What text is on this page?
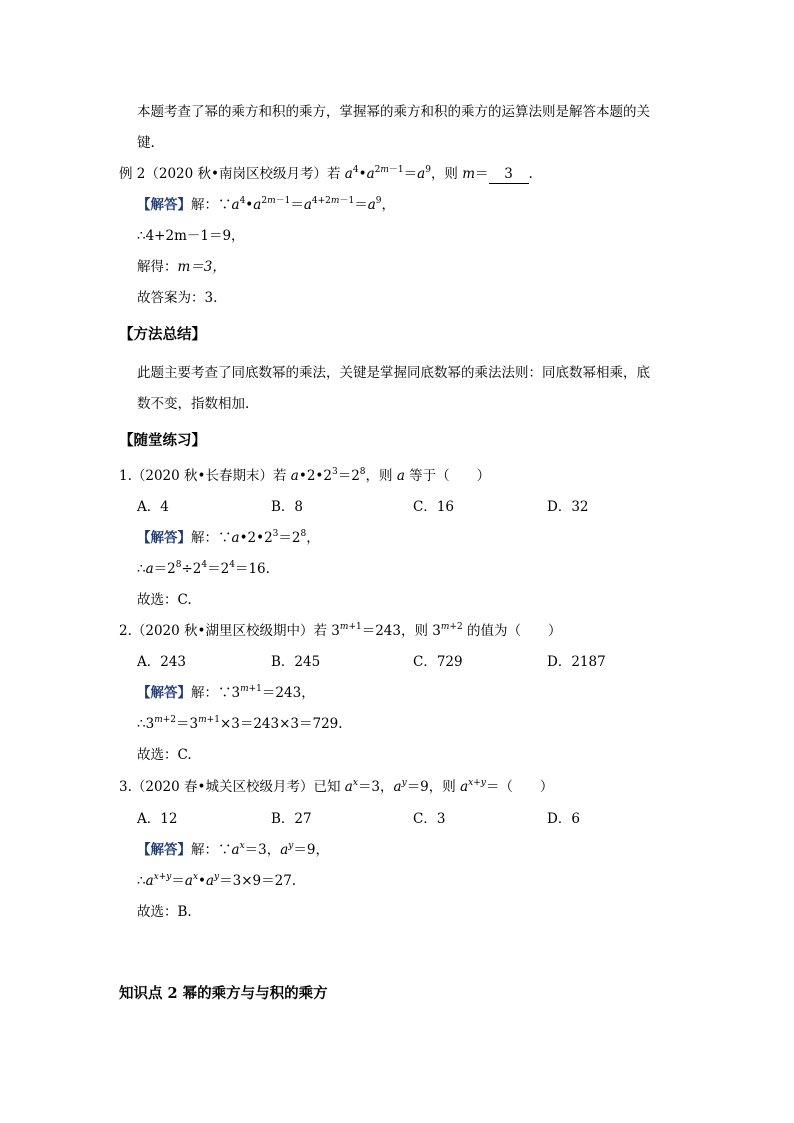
本题考查了幂的乘方和积的乘方，掌握幂的乘方和积的乘方的运算法则是解答本题的关
键.
例 2（2020 秋•南岗区校级月考）若 $a^4•a^{2m-1}=a^9$，则 m＝ 3 .
【解答】解：$\because a^4•a^{2m-1}=a^{4+2m-1}=a^9$，
∴4+2m－1＝9，
解得：m＝3，
故答案为：3.
【方法总结】
此题主要考查了同底数幂的乘法，关键是掌握同底数幂的乘法法则：同底数幂相乘，底
数不变，指数相加.
【随堂练习】
1.（2020 秋•长春期末）若 $a•2•2^3=2^8$，则 a 等于（　　）
A．4	B．8	C．16	D．32
【解答】解：$\because a•2•2^3=2^8$，
$\therefore a=2^8\div 2^4=2^4=16$.
故选：C.
2.（2020 秋•湖里区校级期中）若 $3^{m+1}=243$，则 $3^{m+2}$ 的值为（　　）
A．243	B．245	C．729	D．2187
【解答】解：$\because 3^{m+1}=243$，
$\therefore 3^{m+2}=3^{m+1}\times 3=243\times 3=729$.
故选：C.
3.（2020 春•城关区校级月考）已知 $a^x=3$，$a^y=9$，则 $a^{x+y}=$（　　）
A．12	B．27	C．3	D．6
【解答】解：$\because a^x=3$，$a^y=9$，
$\therefore a^{x+y}=a^x•a^y=3\times 9=27$.
故选：B.
知识点 2 幂的乘方与与积的乘方
